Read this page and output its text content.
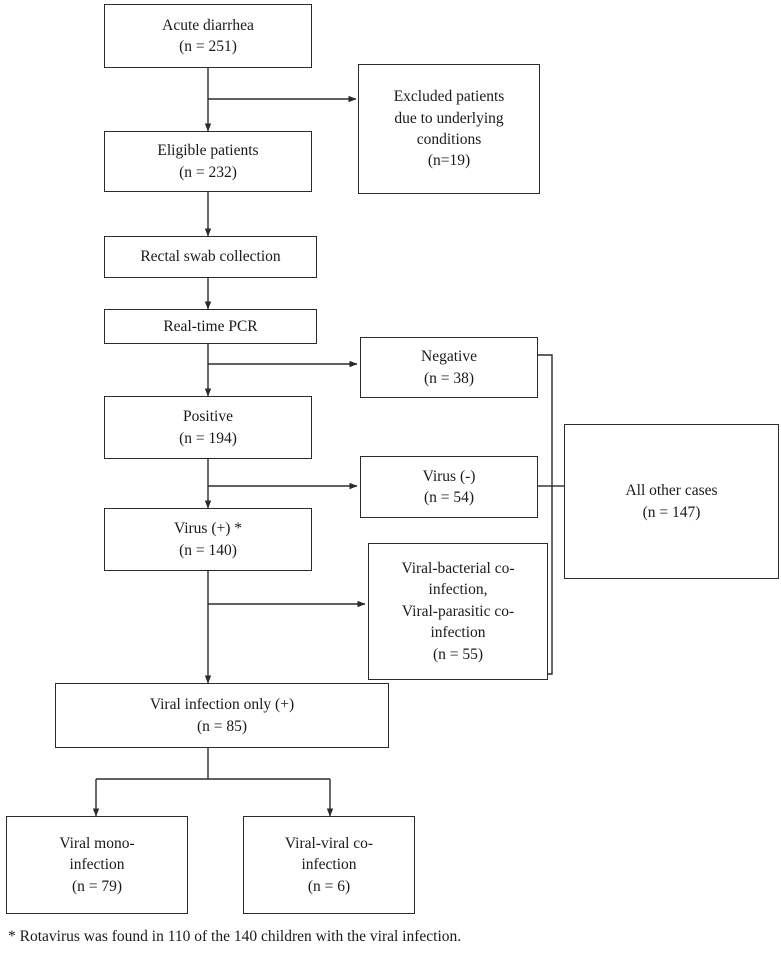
Acute diarrhea
(n = 251)
Excluded patients
due to underlying
conditions
(n=19)
Eligible patients
(n = 232)
Rectal swab collection
Real-time PCR
Negative
(n = 38)
Positive
(n = 194)
Virus (-)
(n = 54)
Virus (+) *
(n = 140)
Viral-bacterial co-
infection,
Viral-parasitic co-
infection
(n = 55)
All other cases
(n = 147)
Viral infection only (+)
(n = 85)
Viral mono-
infection
(n = 79)
Viral-viral co-
infection
(n = 6)
* Rotavirus was found in 110 of the 140 children with the viral infection.
